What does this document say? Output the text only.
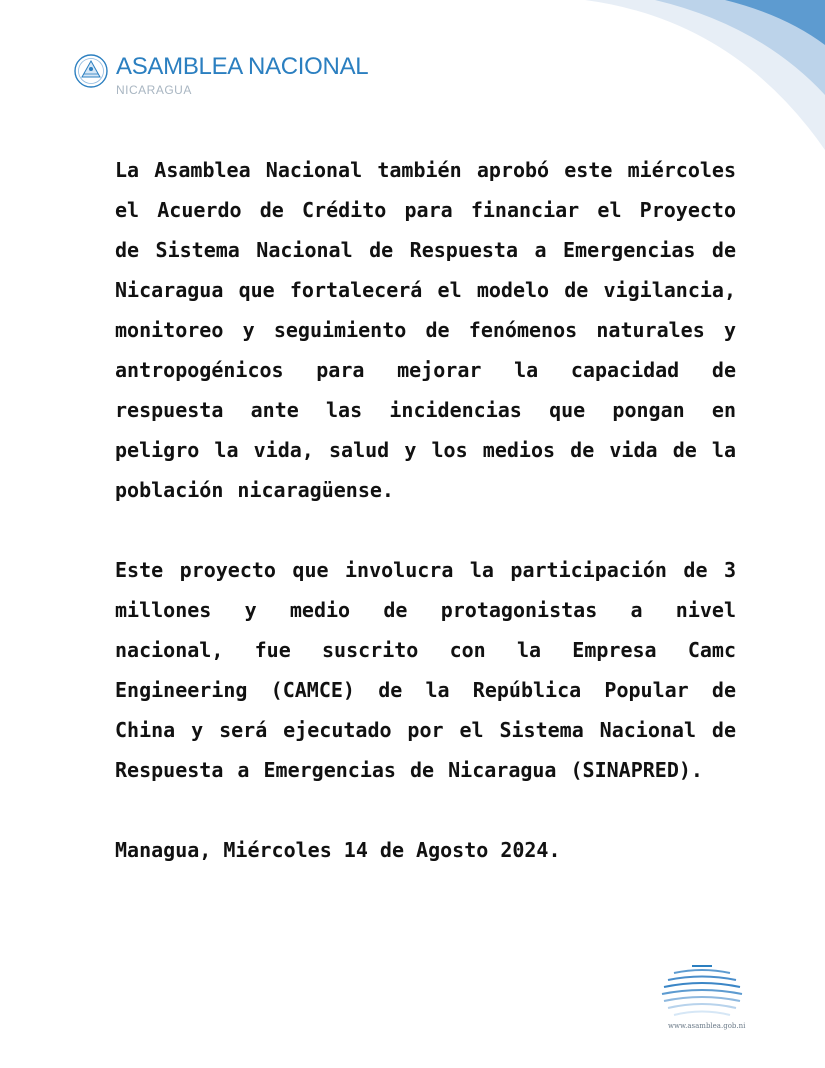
ASAMBLEA NACIONAL
NICARAGUA

La Asamblea Nacional también aprobó este miércoles el Acuerdo de Crédito para financiar el Proyecto de Sistema Nacional de Respuesta a Emergencias de Nicaragua que fortalecerá el modelo de vigilancia, monitoreo y seguimiento de fenómenos naturales y antropogénicos para mejorar la capacidad de respuesta ante las incidencias que pongan en peligro la vida, salud y los medios de vida de la población nicaragüense.

Este proyecto que involucra la participación de 3 millones y medio de protagonistas a nivel nacional, fue suscrito con la Empresa Camc Engineering (CAMCE) de la República Popular de China y será ejecutado por el Sistema Nacional de Respuesta a Emergencias de Nicaragua (SINAPRED).

Managua, Miércoles 14 de Agosto 2024.

www.asamblea.gob.ni
